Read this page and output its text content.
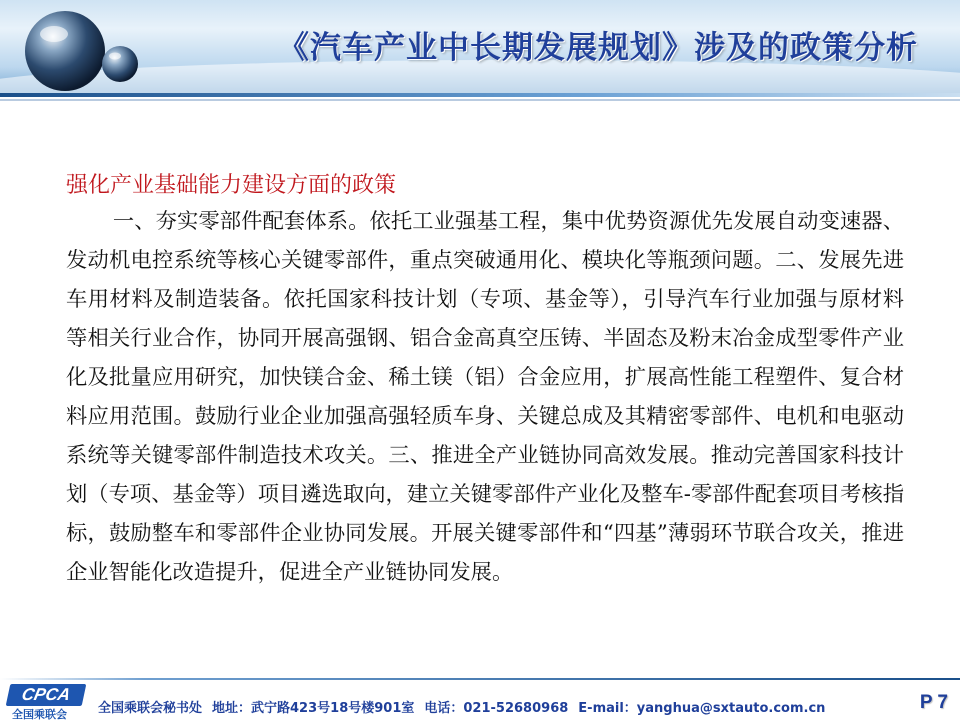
《汽车产业中长期发展规划》涉及的政策分析
强化产业基础能力建设方面的政策

一、夯实零部件配套体系。依托工业强基工程，集中优势资源优先发展自动变速器、发动机电控系统等核心关键零部件，重点突破通用化、模块化等瓶颈问题。二、发展先进车用材料及制造装备。依托国家科技计划（专项、基金等），引导汽车行业加强与原材料等相关行业合作，协同开展高强钢、铝合金高真空压铸、半固态及粉末冶金成型零件产业化及批量应用研究，加快镁合金、稀土镁（铝）合金应用，扩展高性能工程塑件、复合材料应用范围。鼓励行业企业加强高强轻质车身、关键总成及其精密零部件、电机和电驱动系统等关键零部件制造技术攻关。三、推进全产业链协同高效发展。推动完善国家科技计划（专项、基金等）项目遴选取向，建立关键零部件产业化及整车-零部件配套项目考核指标，鼓励整车和零部件企业协同发展。开展关键零部件和“四基”薄弱环节联合攻关，推进企业智能化改造提升，促进全产业链协同发展。

CPCA
全国乘联会 全国乘联会秘书处 地址：武宁路423号18号楼901室 电话：021-52680968 E-mail：yanghua@sxtauto.com.cn	P 7
